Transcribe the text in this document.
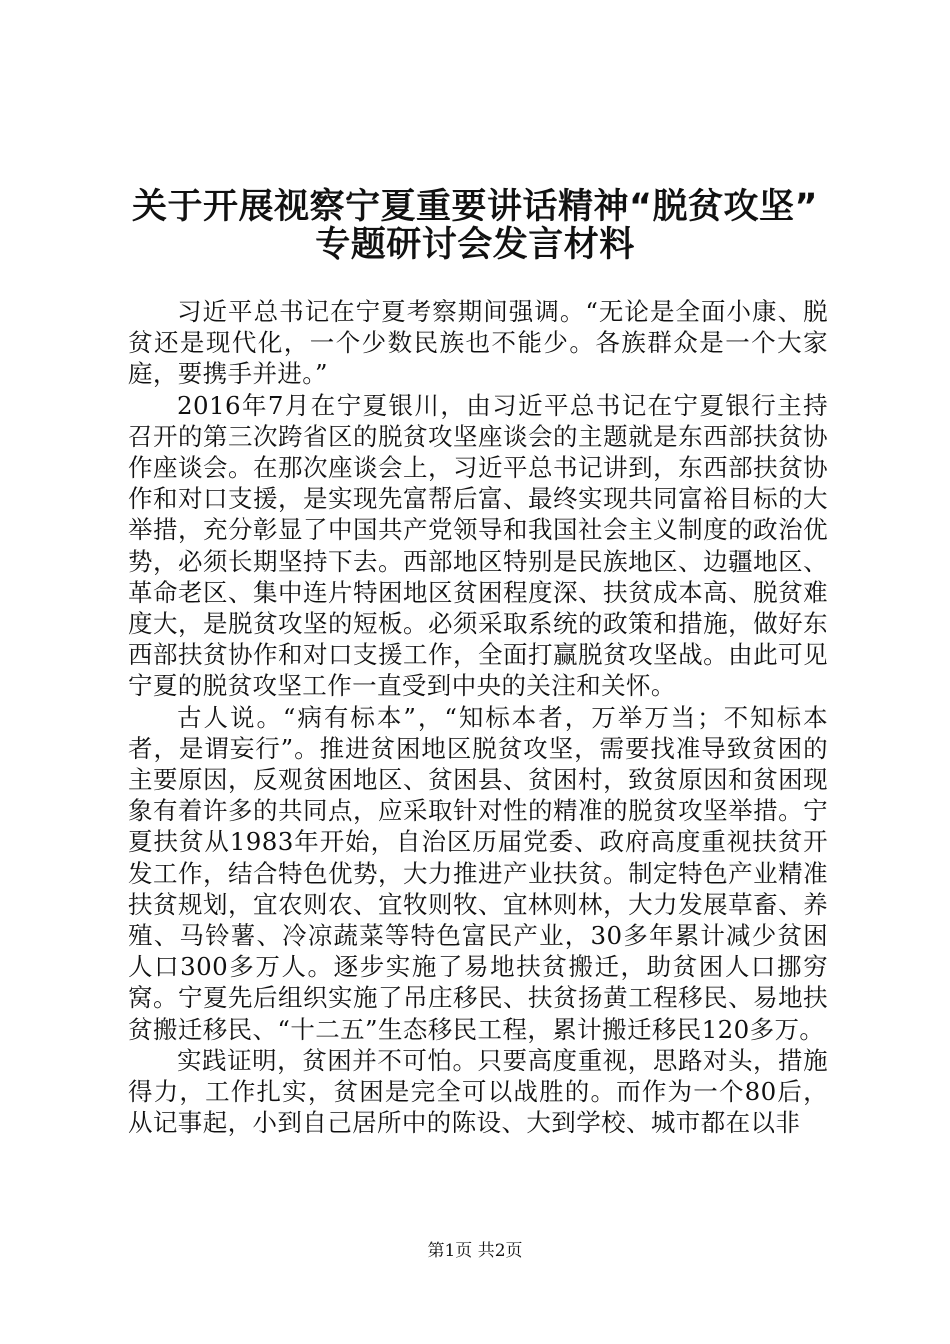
关于开展视察宁夏重要讲话精神“脱贫攻坚”
专题研讨会发言材料

习近平总书记在宁夏考察期间强调。“无论是全面小康、脱贫还是现代化，一个少数民族也不能少。各族群众是一个大家庭，要携手并进。”

2016年7月在宁夏银川，由习近平总书记在宁夏银行主持召开的第三次跨省区的脱贫攻坚座谈会的主题就是东西部扶贫协作座谈会。在那次座谈会上，习近平总书记讲到，东西部扶贫协作和对口支援，是实现先富帮后富、最终实现共同富裕目标的大举措，充分彰显了中国共产党领导和我国社会主义制度的政治优势，必须长期坚持下去。西部地区特别是民族地区、边疆地区、革命老区、集中连片特困地区贫困程度深、扶贫成本高、脱贫难度大，是脱贫攻坚的短板。必须采取系统的政策和措施，做好东西部扶贫协作和对口支援工作，全面打赢脱贫攻坚战。由此可见宁夏的脱贫攻坚工作一直受到中央的关注和关怀。

古人说。“病有标本”，“知标本者，万举万当；不知标本者，是谓妄行”。推进贫困地区脱贫攻坚，需要找准导致贫困的主要原因，反观贫困地区、贫困县、贫困村，致贫原因和贫困现象有着许多的共同点，应采取针对性的精准的脱贫攻坚举措。宁夏扶贫从1983年开始，自治区历届党委、政府高度重视扶贫开发工作，结合特色优势，大力推进产业扶贫。制定特色产业精准扶贫规划，宜农则农、宜牧则牧、宜林则林，大力发展草畜、养殖、马铃薯、冷凉蔬菜等特色富民产业，30多年累计减少贫困人口300多万人。逐步实施了易地扶贫搬迁，助贫困人口挪穷窝。宁夏先后组织实施了吊庄移民、扶贫扬黄工程移民、易地扶贫搬迁移民、“十二五”生态移民工程，累计搬迁移民120多万。

实践证明，贫困并不可怕。只要高度重视，思路对头，措施得力，工作扎实，贫困是完全可以战胜的。而作为一个80后，从记事起，小到自己居所中的陈设、大到学校、城市都在以非

第1页 共2页
